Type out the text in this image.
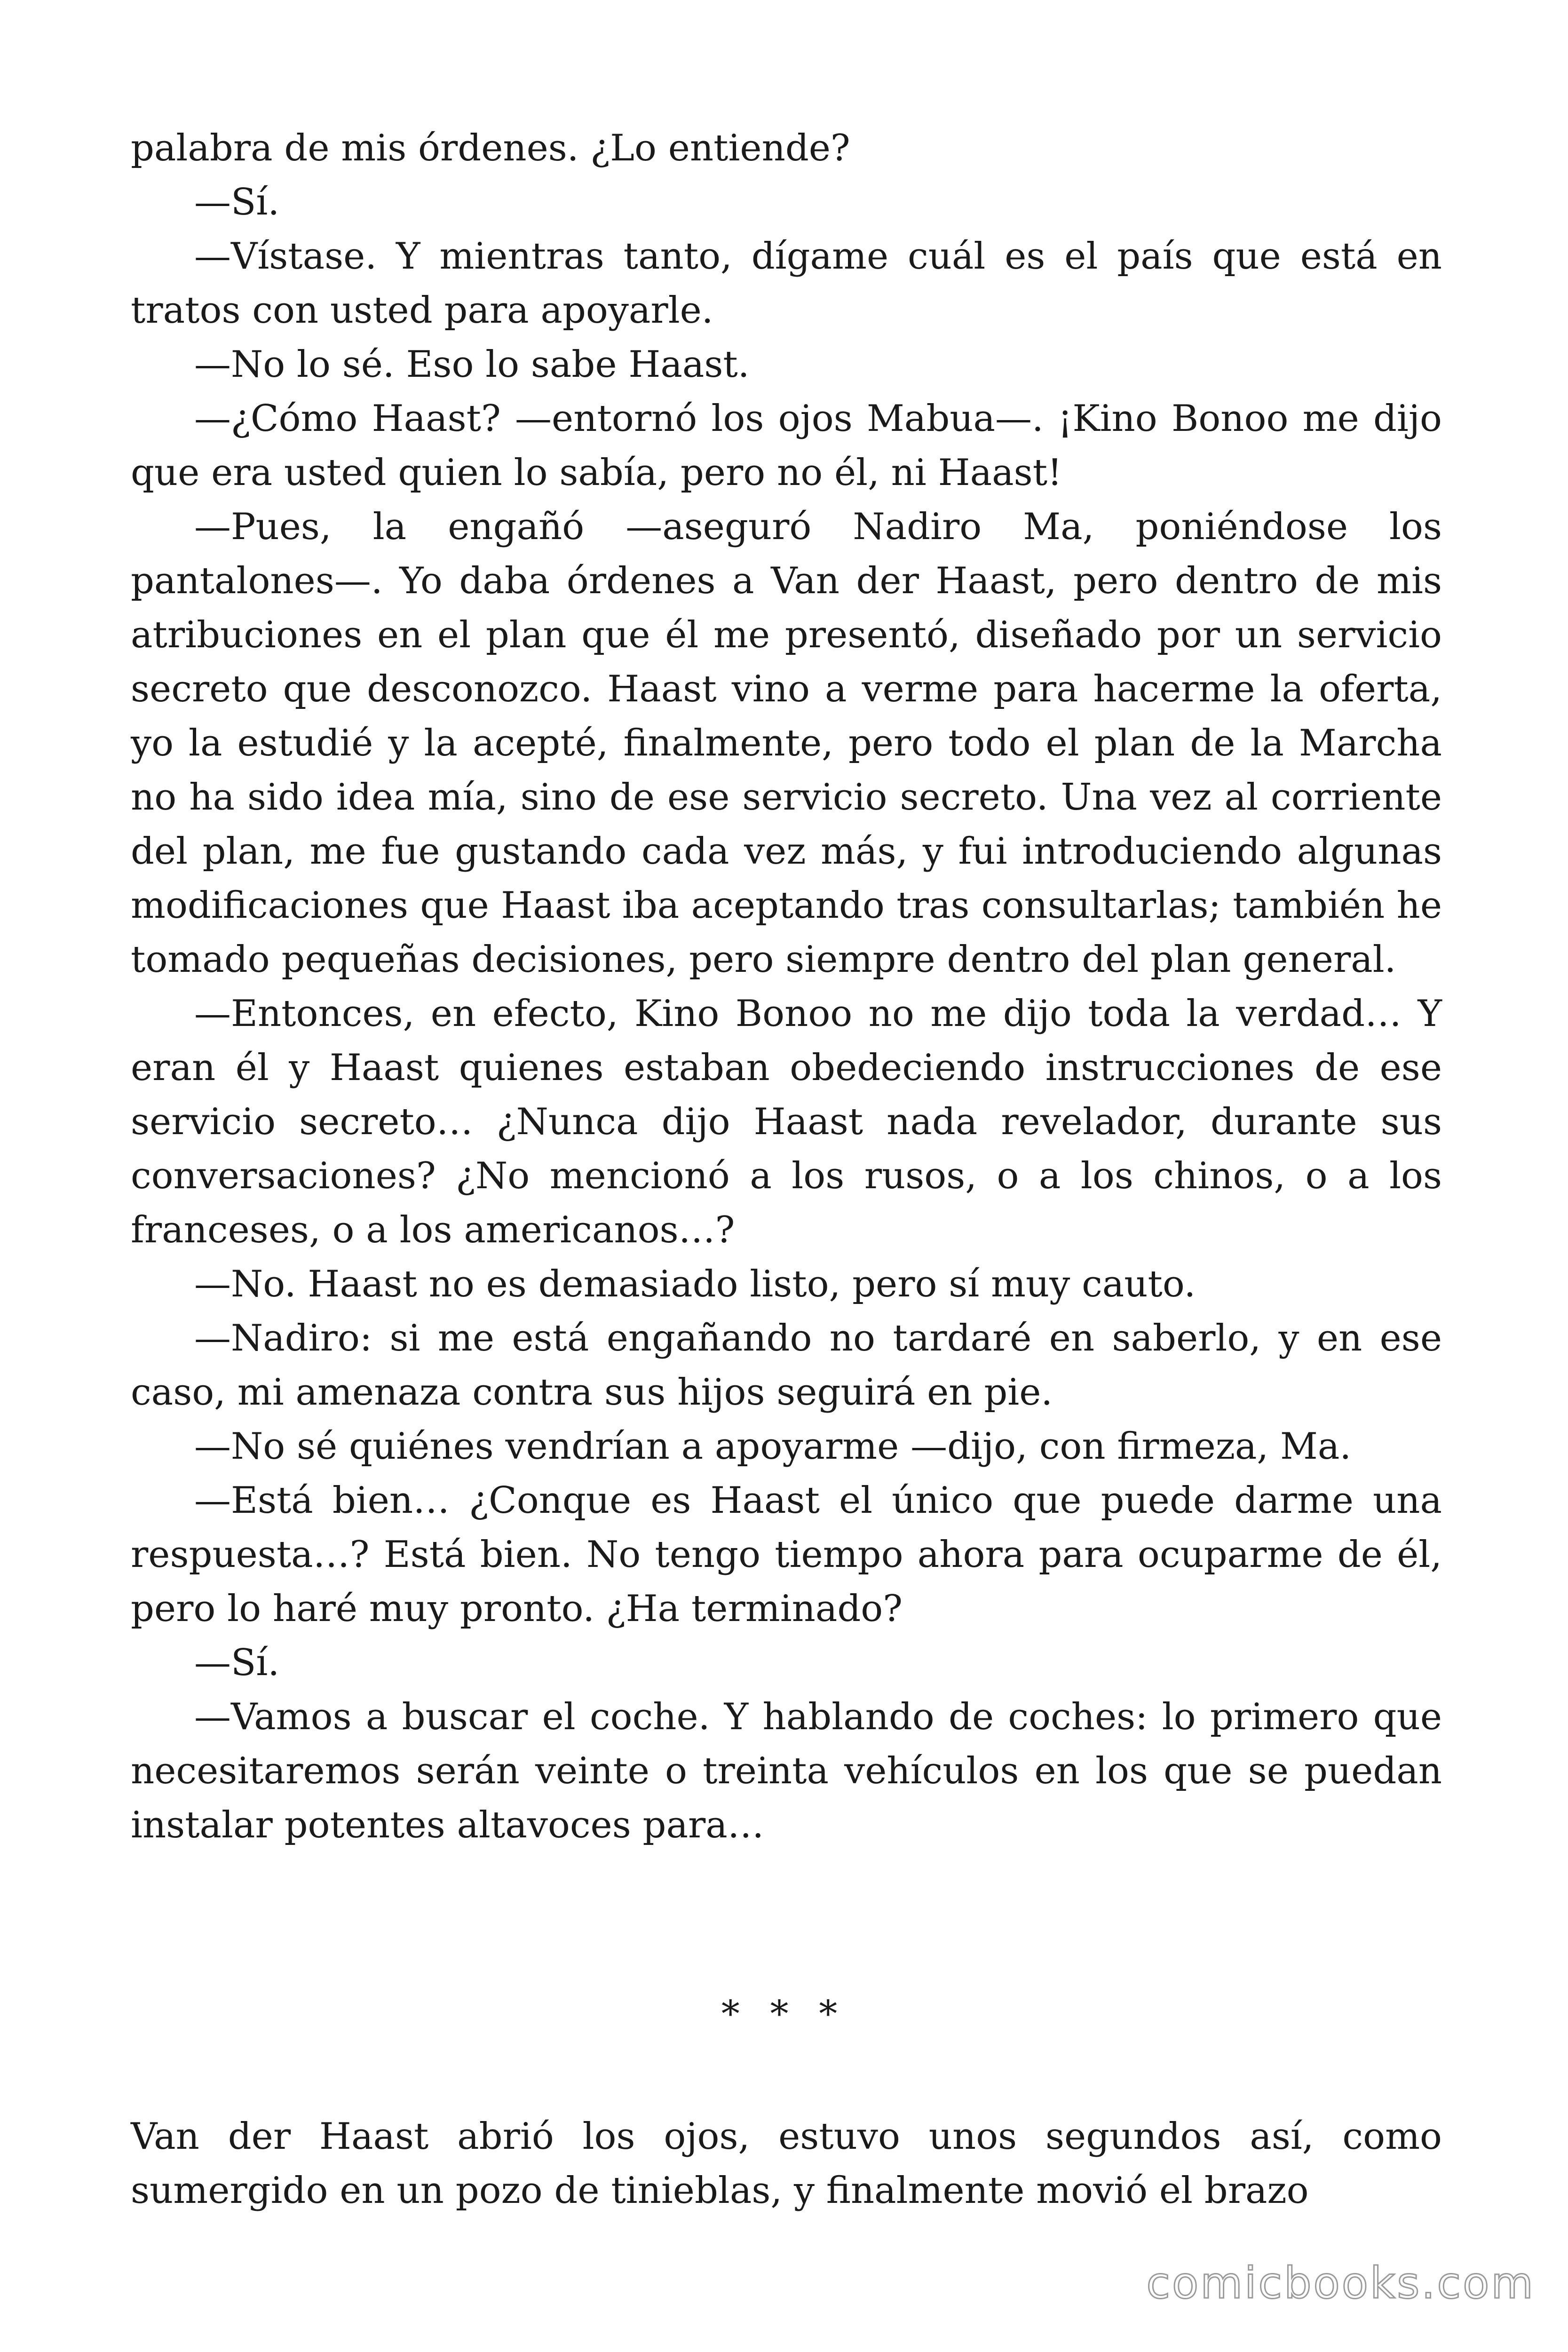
palabra de mis órdenes. ¿Lo entiende?

—Sí.

—Vístase. Y mientras tanto, dígame cuál es el país que está en tratos con usted para apoyarle.

—No lo sé. Eso lo sabe Haast.

—¿Cómo Haast? —entornó los ojos Mabua—. ¡Kino Bonoo me dijo que era usted quien lo sabía, pero no él, ni Haast!

—Pues, la engañó —aseguró Nadiro Ma, poniéndose los pantalones—. Yo daba órdenes a Van der Haast, pero dentro de mis atribuciones en el plan que él me presentó, diseñado por un servicio secreto que desconozco. Haast vino a verme para hacerme la oferta, yo la estudié y la acepté, finalmente, pero todo el plan de la Marcha no ha sido idea mía, sino de ese servicio secreto. Una vez al corriente del plan, me fue gustando cada vez más, y fui introduciendo algunas modificaciones que Haast iba aceptando tras consultarlas; también he tomado pequeñas decisiones, pero siempre dentro del plan general.

—Entonces, en efecto, Kino Bonoo no me dijo toda la verdad… Y eran él y Haast quienes estaban obedeciendo instrucciones de ese servicio secreto… ¿Nunca dijo Haast nada revelador, durante sus conversaciones? ¿No mencionó a los rusos, o a los chinos, o a los franceses, o a los americanos…?

—No. Haast no es demasiado listo, pero sí muy cauto.

—Nadiro: si me está engañando no tardaré en saberlo, y en ese caso, mi amenaza contra sus hijos seguirá en pie.

—No sé quiénes vendrían a apoyarme —dijo, con firmeza, Ma.

—Está bien… ¿Conque es Haast el único que puede darme una respuesta…? Está bien. No tengo tiempo ahora para ocuparme de él, pero lo haré muy pronto. ¿Ha terminado?

—Sí.

—Vamos a buscar el coche. Y hablando de coches: lo primero que necesitaremos serán veinte o treinta vehículos en los que se puedan instalar potentes altavoces para…

* * *

Van der Haast abrió los ojos, estuvo unos segundos así, como sumergido en un pozo de tinieblas, y finalmente movió el brazo

comicbooks.com
